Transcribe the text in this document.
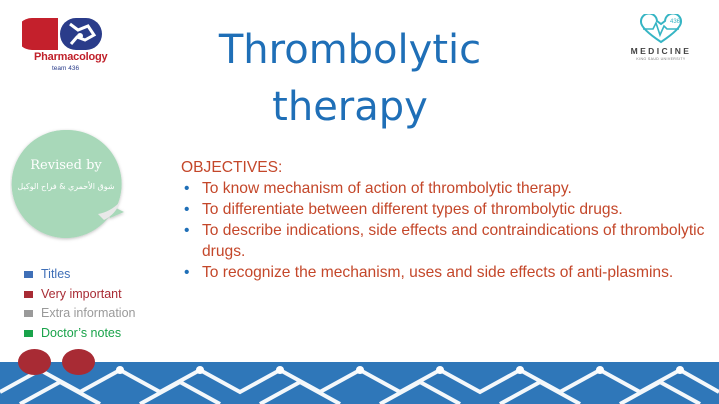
Pharmacology
team 436
436
MEDICINE
KING SAUD UNIVERSITY
Thrombolytic
therapy
Revised by
شوق الأحمري & فراح الوكيل
OBJECTIVES:
• To know mechanism of action of thrombolytic therapy.
• To differentiate between different types of thrombolytic drugs.
• To describe indications, side effects and contraindications of thrombolytic drugs.
• To recognize the mechanism, uses and side effects of anti-plasmins.
Titles
Very important
Extra information
Doctor’s notes
